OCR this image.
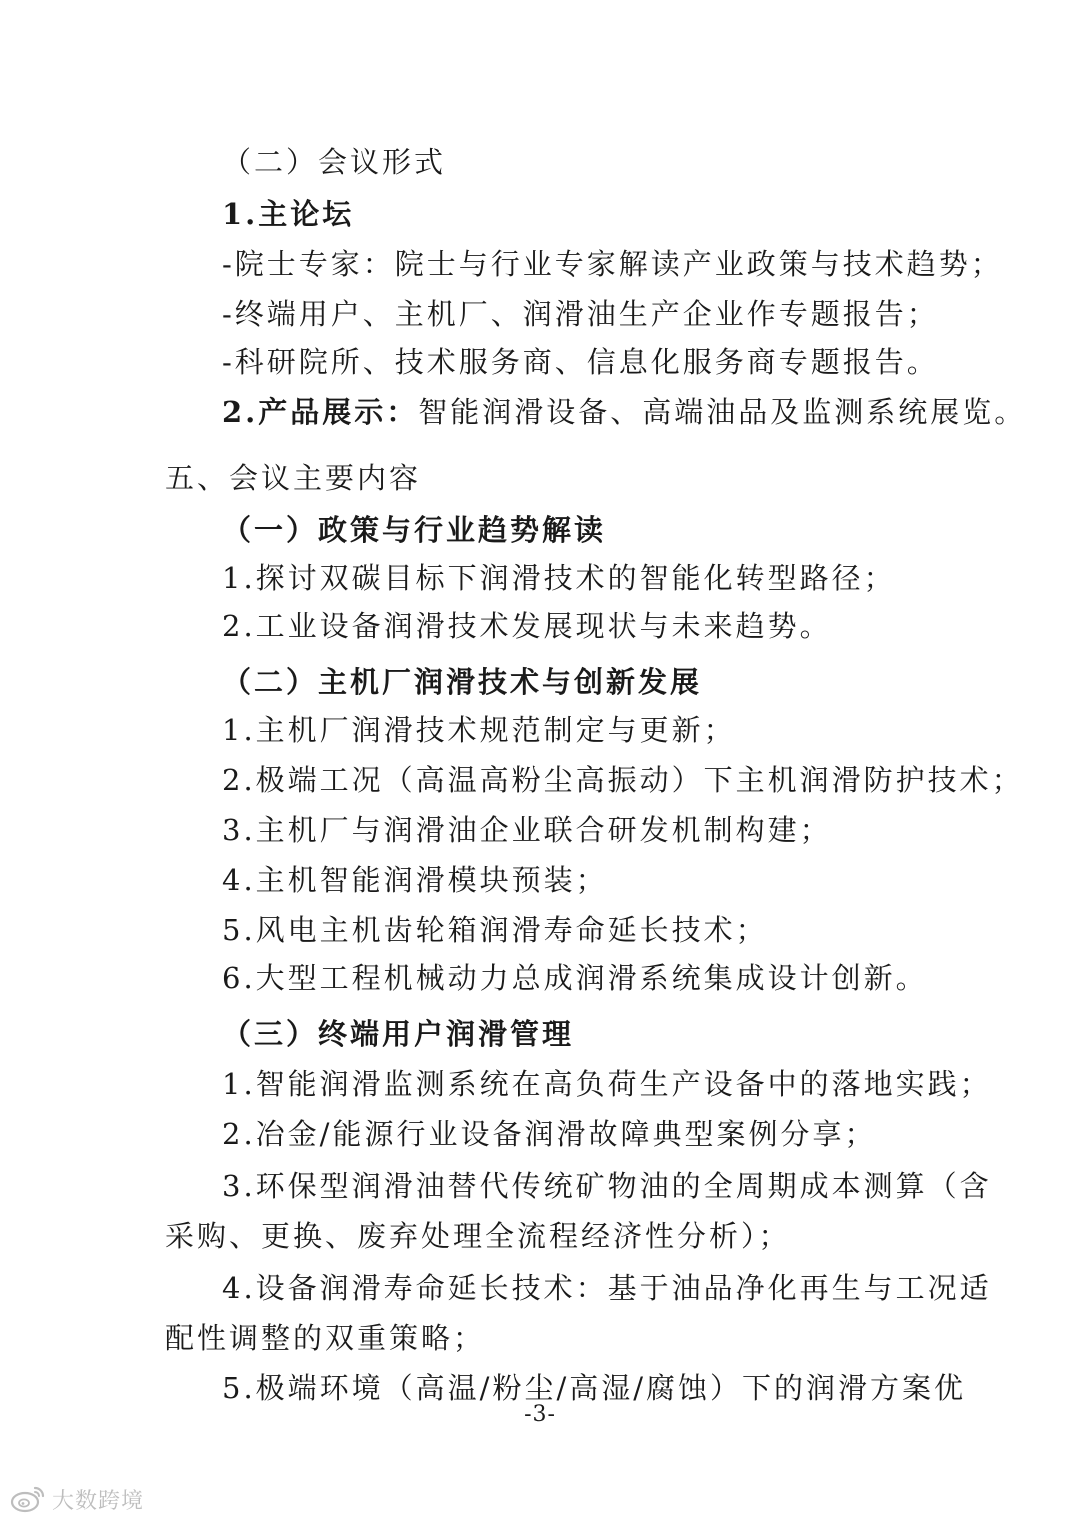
（二）会议形式
1.主论坛
-院士专家：院士与行业专家解读产业政策与技术趋势；
-终端用户、主机厂、润滑油生产企业作专题报告；
-科研院所、技术服务商、信息化服务商专题报告。
2.产品展示：智能润滑设备、高端油品及监测系统展览。
五、会议主要内容
（一）政策与行业趋势解读
1.探讨双碳目标下润滑技术的智能化转型路径；
2.工业设备润滑技术发展现状与未来趋势。
（二）主机厂润滑技术与创新发展
1.主机厂润滑技术规范制定与更新；
2.极端工况（高温高粉尘高振动）下主机润滑防护技术；
3.主机厂与润滑油企业联合研发机制构建；
4.主机智能润滑模块预装；
5.风电主机齿轮箱润滑寿命延长技术；
6.大型工程机械动力总成润滑系统集成设计创新。
（三）终端用户润滑管理
1.智能润滑监测系统在高负荷生产设备中的落地实践；
2.冶金/能源行业设备润滑故障典型案例分享；
3.环保型润滑油替代传统矿物油的全周期成本测算（含
采购、更换、废弃处理全流程经济性分析）；
4.设备润滑寿命延长技术：基于油品净化再生与工况适
配性调整的双重策略；
5.极端环境（高温/粉尘/高湿/腐蚀）下的润滑方案优
-3-
大数跨境
